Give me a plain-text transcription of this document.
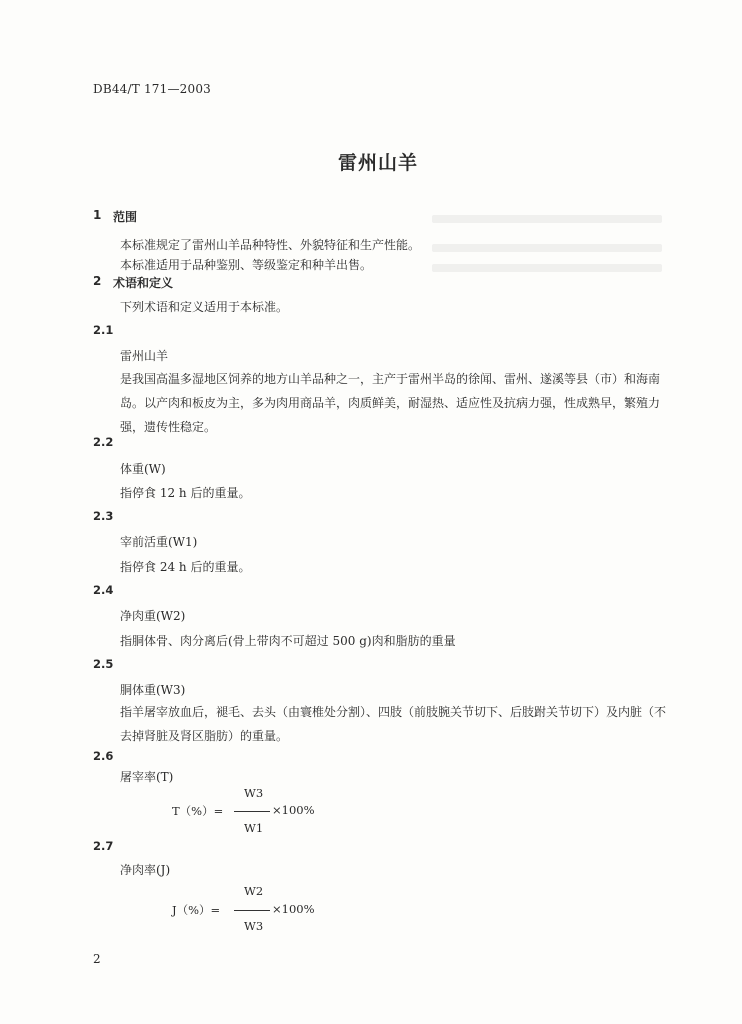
DB44/T 171—2003
雷州山羊
1 范围
本标准规定了雷州山羊品种特性、外貌特征和生产性能。
本标准适用于品种鉴别、等级鉴定和种羊出售。
2 术语和定义
下列术语和定义适用于本标准。
2.1
雷州山羊
是我国高温多湿地区饲养的地方山羊品种之一，主产于雷州半岛的徐闻、雷州、遂溪等县（市）和海南岛。以产肉和板皮为主，多为肉用商品羊，肉质鲜美，耐湿热、适应性及抗病力强，性成熟早，繁殖力强，遗传性稳定。
2.2
体重(W)
指停食 12 h 后的重量。
2.3
宰前活重(W1)
指停食 24 h 后的重量。
2.4
净肉重(W2)
指胴体骨、肉分离后(骨上带肉不可超过 500 g)肉和脂肪的重量
2.5
胴体重(W3)
指羊屠宰放血后，褪毛、去头（由寰椎处分割）、四肢（前肢腕关节切下、后肢跗关节切下）及内脏（不去掉肾脏及肾区脂肪）的重量。
2.6
屠宰率(T)
W3
T（%）=	×100%
W1
2.7
净肉率(J)
W2
J（%）=	×100%
W3
2
